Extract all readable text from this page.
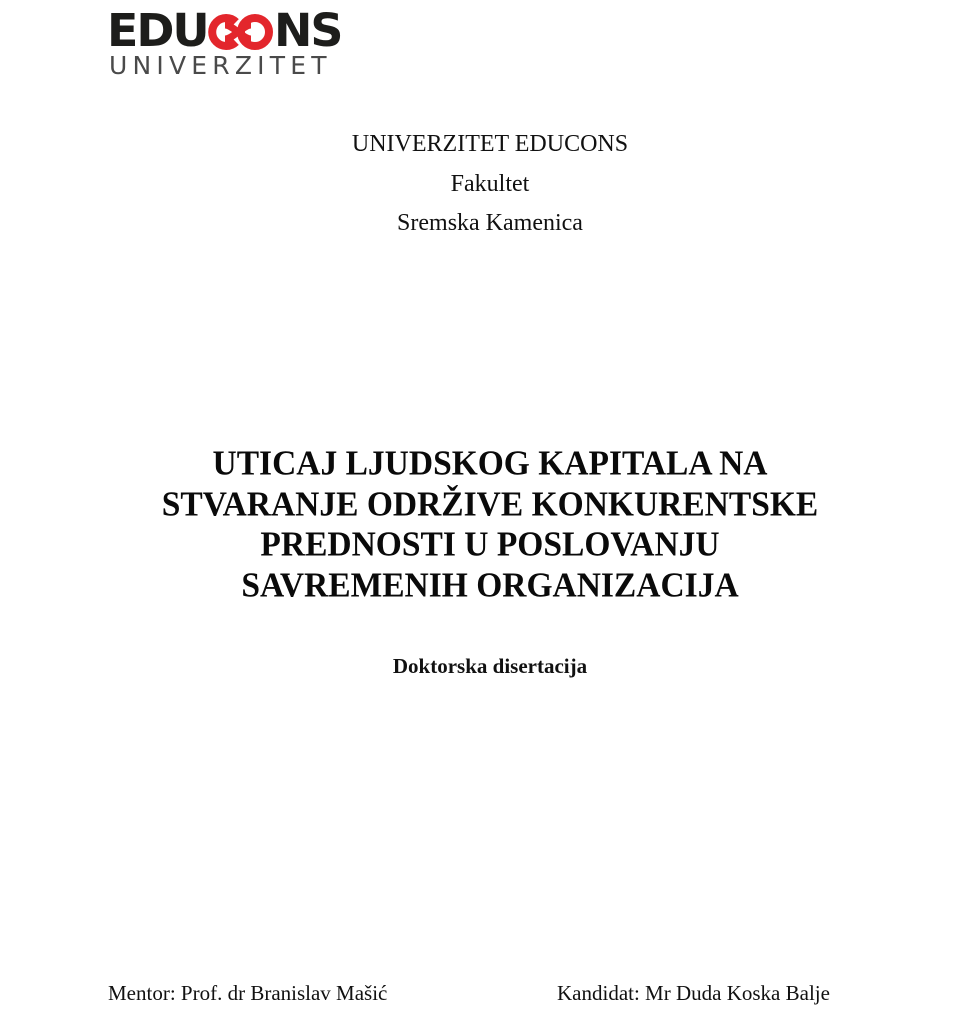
EDU NS
UNIVERZITET
UNIVERZITET EDUCONS
Fakultet
Sremska Kamenica
UTICAJ LJUDSKOG KAPITALA NA
STVARANJE ODRŽIVE KONKURENTSKE
PREDNOSTI U POSLOVANJU
SAVREMENIH ORGANIZACIJA
Doktorska disertacija
Mentor: Prof. dr Branislav Mašić	Kandidat: Mr Duda Koska Balje
